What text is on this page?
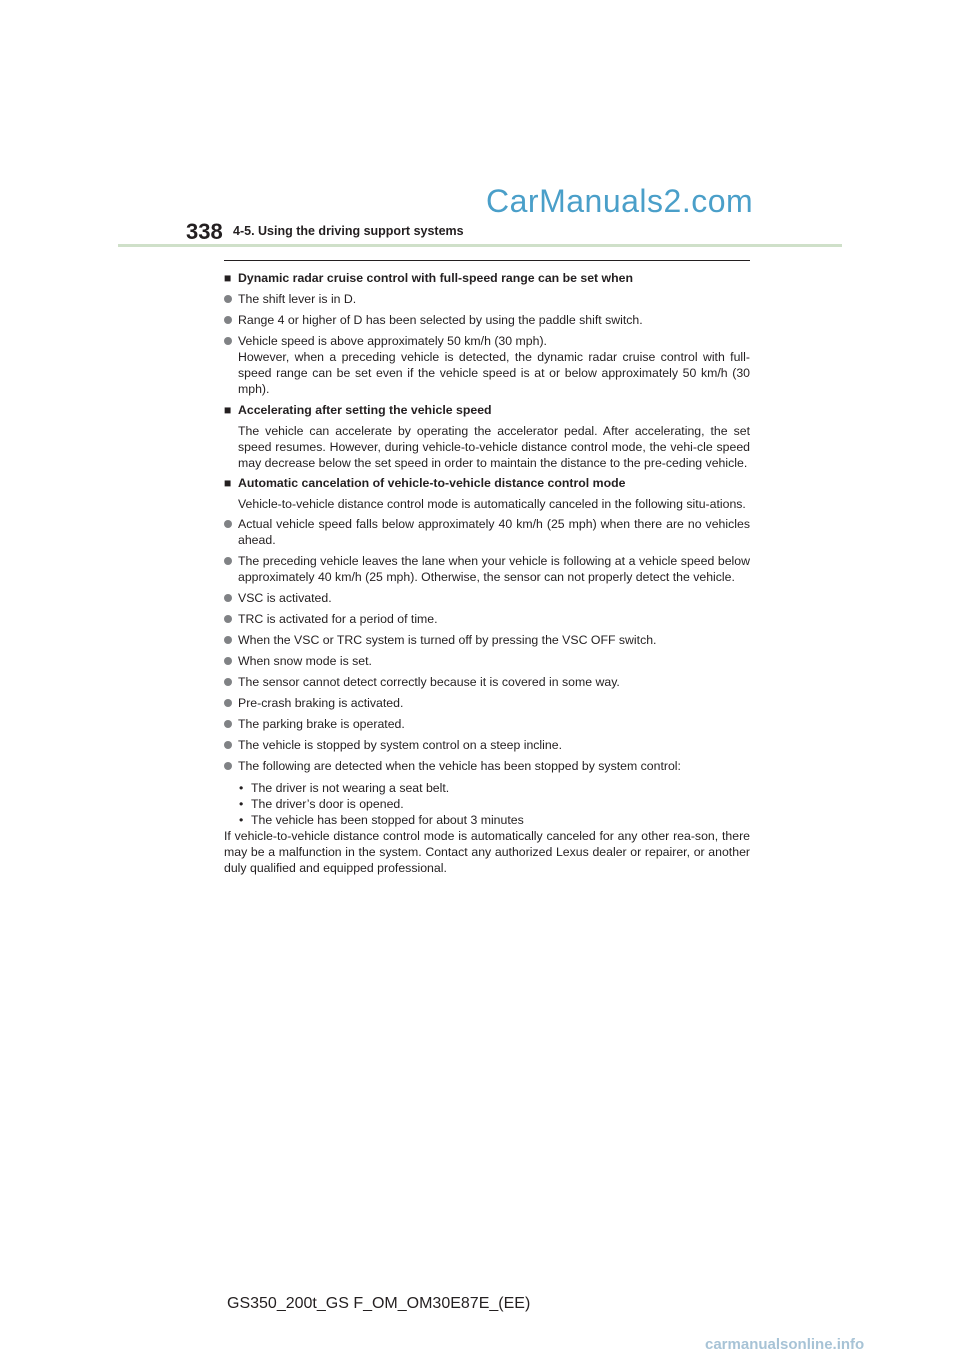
CarManuals2.com
338 4-5. Using the driving support systems
■ Dynamic radar cruise control with full-speed range can be set when
The shift lever is in D.
Range 4 or higher of D has been selected by using the paddle shift switch.
Vehicle speed is above approximately 50 km/h (30 mph).
However, when a preceding vehicle is detected, the dynamic radar cruise control with full-speed range can be set even if the vehicle speed is at or below approximately 50 km/h (30 mph).
■ Accelerating after setting the vehicle speed
The vehicle can accelerate by operating the accelerator pedal. After accelerating, the set speed resumes. However, during vehicle-to-vehicle distance control mode, the vehi-cle speed may decrease below the set speed in order to maintain the distance to the pre-ceding vehicle.
■ Automatic cancelation of vehicle-to-vehicle distance control mode
Vehicle-to-vehicle distance control mode is automatically canceled in the following situ-ations.
Actual vehicle speed falls below approximately 40 km/h (25 mph) when there are no vehicles ahead.
The preceding vehicle leaves the lane when your vehicle is following at a vehicle speed below approximately 40 km/h (25 mph). Otherwise, the sensor can not properly detect the vehicle.
VSC is activated.
TRC is activated for a period of time.
When the VSC or TRC system is turned off by pressing the VSC OFF switch.
When snow mode is set.
The sensor cannot detect correctly because it is covered in some way.
Pre-crash braking is activated.
The parking brake is operated.
The vehicle is stopped by system control on a steep incline.
The following are detected when the vehicle has been stopped by system control:
• The driver is not wearing a seat belt.
• The driver’s door is opened.
• The vehicle has been stopped for about 3 minutes
If vehicle-to-vehicle distance control mode is automatically canceled for any other rea-son, there may be a malfunction in the system. Contact any authorized Lexus dealer or repairer, or another duly qualified and equipped professional.
GS350_200t_GS F_OM_OM30E87E_(EE)
carmanualsonline.info
